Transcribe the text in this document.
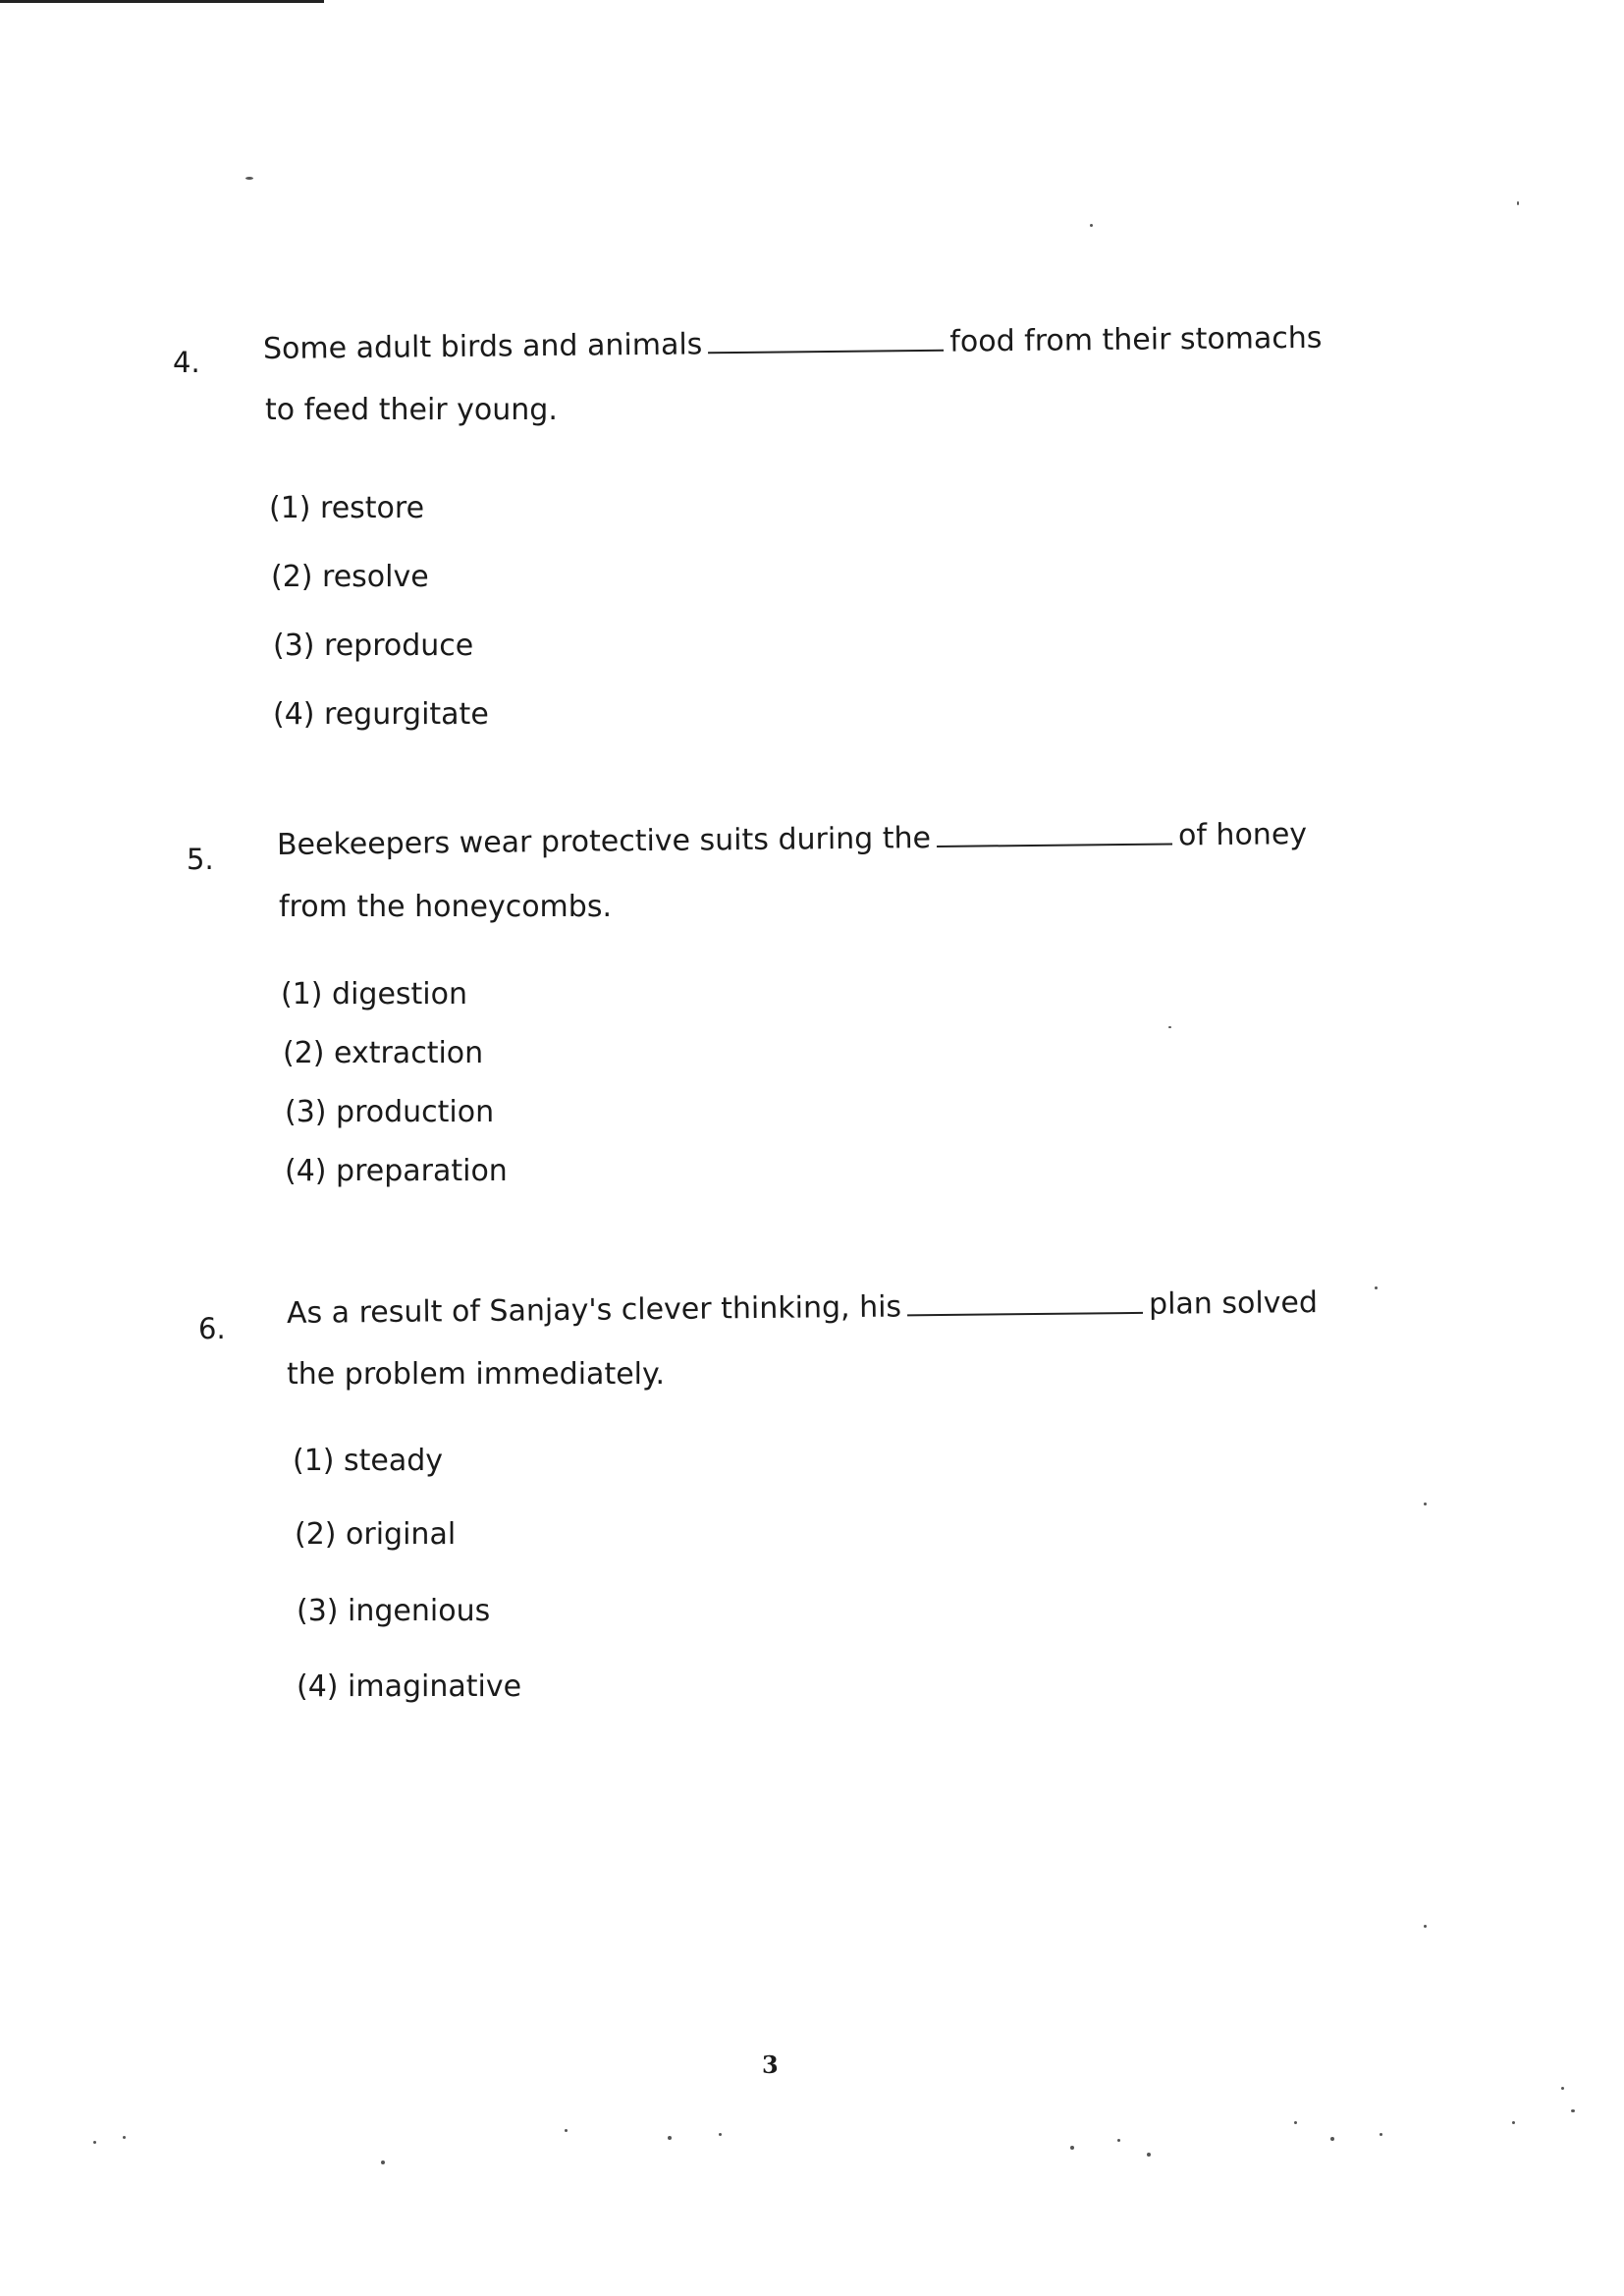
4. Some adult birds and animals	food from their stomachs
to feed their young.
(1) restore
(2) resolve
(3) reproduce
(4) regurgitate
5. Beekeepers wear protective suits during the	of honey
from the honeycombs.
(1) digestion
(2) extraction
(3) production
(4) preparation
6. As a result of Sanjay's clever thinking, his	plan solved
the problem immediately.
(1) steady
(2) original
(3) ingenious
(4) imaginative
3
